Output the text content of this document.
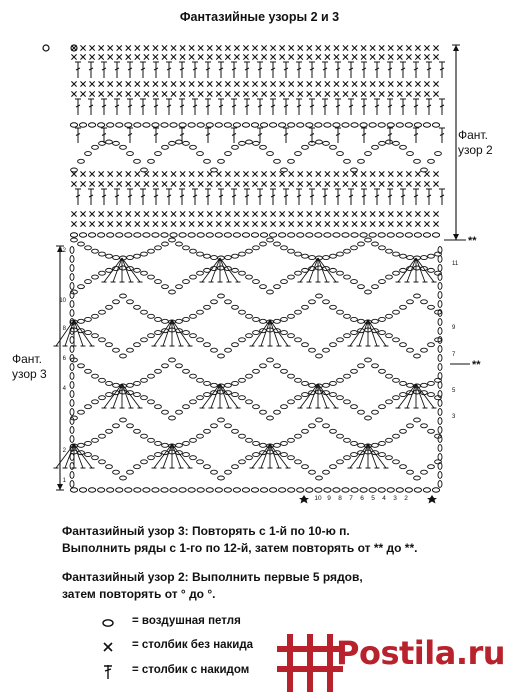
Фантазийные узоры 2 и 3
**
**
11
9
7
5
3
12
10
8
6
4
2
1
10 9 8 7 6 5 4 3 2
Фант.
узор 2
Фант.
узор 3
Фантазийный узор 3: Повторять с 1-й по 10-ю п.
Выполнить ряды с 1-го по 12-й, затем повторять от ** до **.
Фантазийный узор 2: Выполнить первые 5 рядов,
затем повторять от ° до °.
= воздушная петля
= столбик без накида
= столбик с накидом	Postila.ru
